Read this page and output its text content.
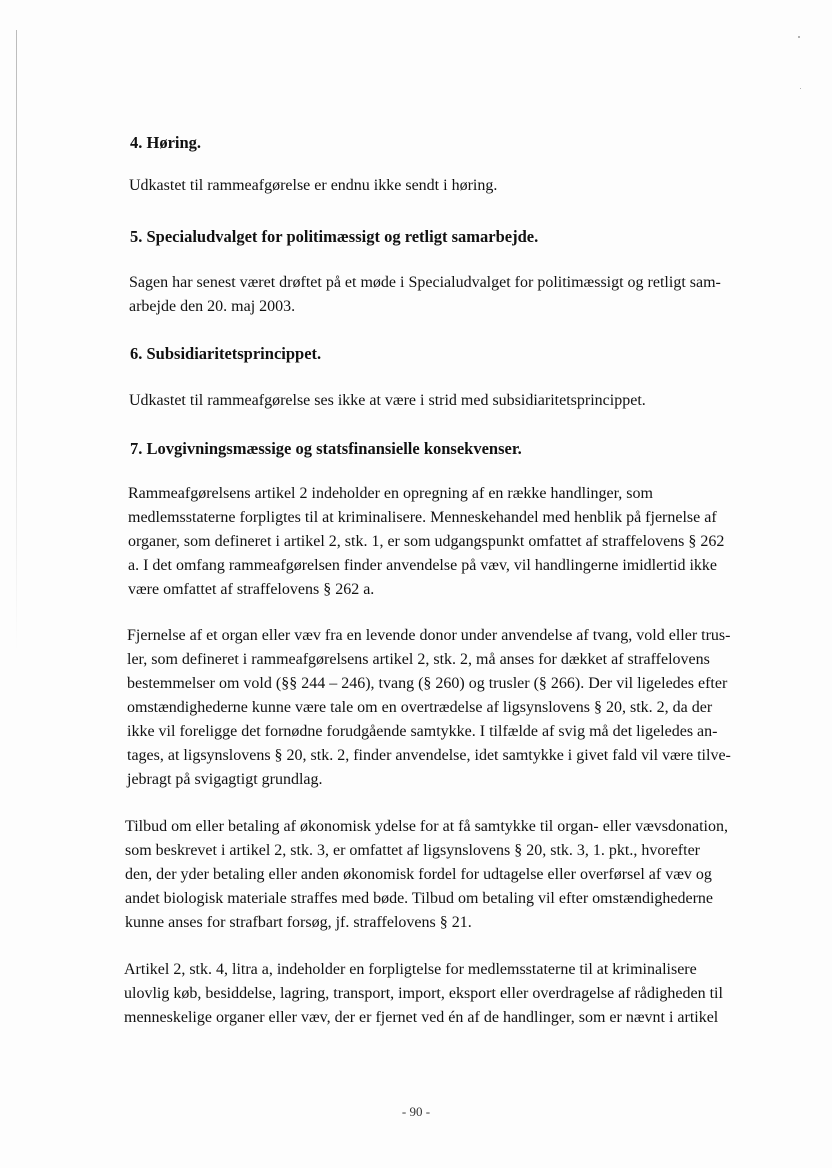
4. Høring.
Udkastet til rammeafgørelse er endnu ikke sendt i høring.
5. Specialudvalget for politimæssigt og retligt samarbejde.
Sagen har senest været drøftet på et møde i Specialudvalget for politimæssigt og retligt sam-
arbejde den 20. maj 2003.
6. Subsidiaritetsprincippet.
Udkastet til rammeafgørelse ses ikke at være i strid med subsidiaritetsprincippet.
7. Lovgivningsmæssige og statsfinansielle konsekvenser.
Rammeafgørelsens artikel 2 indeholder en opregning af en række handlinger, som
medlemsstaterne forpligtes til at kriminalisere. Menneskehandel med henblik på fjernelse af
organer, som defineret i artikel 2, stk. 1, er som udgangspunkt omfattet af straffelovens § 262
a. I det omfang rammeafgørelsen finder anvendelse på væv, vil handlingerne imidlertid ikke
være omfattet af straffelovens § 262 a.
Fjernelse af et organ eller væv fra en levende donor under anvendelse af tvang, vold eller trus-
ler, som defineret i rammeafgørelsens artikel 2, stk. 2, må anses for dækket af straffelovens
bestemmelser om vold (§§ 244 – 246), tvang (§ 260) og trusler (§ 266). Der vil ligeledes efter
omstændighederne kunne være tale om en overtrædelse af ligsynslovens § 20, stk. 2, da der
ikke vil foreligge det fornødne forudgående samtykke. I tilfælde af svig må det ligeledes an-
tages, at ligsynslovens § 20, stk. 2, finder anvendelse, idet samtykke i givet fald vil være tilve-
jebragt på svigagtigt grundlag.
Tilbud om eller betaling af økonomisk ydelse for at få samtykke til organ- eller vævsdonation,
som beskrevet i artikel 2, stk. 3, er omfattet af ligsynslovens § 20, stk. 3, 1. pkt., hvorefter
den, der yder betaling eller anden økonomisk fordel for udtagelse eller overførsel af væv og
andet biologisk materiale straffes med bøde. Tilbud om betaling vil efter omstændighederne
kunne anses for strafbart forsøg, jf. straffelovens § 21.
Artikel 2, stk. 4, litra a, indeholder en forpligtelse for medlemsstaterne til at kriminalisere
ulovlig køb, besiddelse, lagring, transport, import, eksport eller overdragelse af rådigheden til
menneskelige organer eller væv, der er fjernet ved én af de handlinger, som er nævnt i artikel
- 90 -
